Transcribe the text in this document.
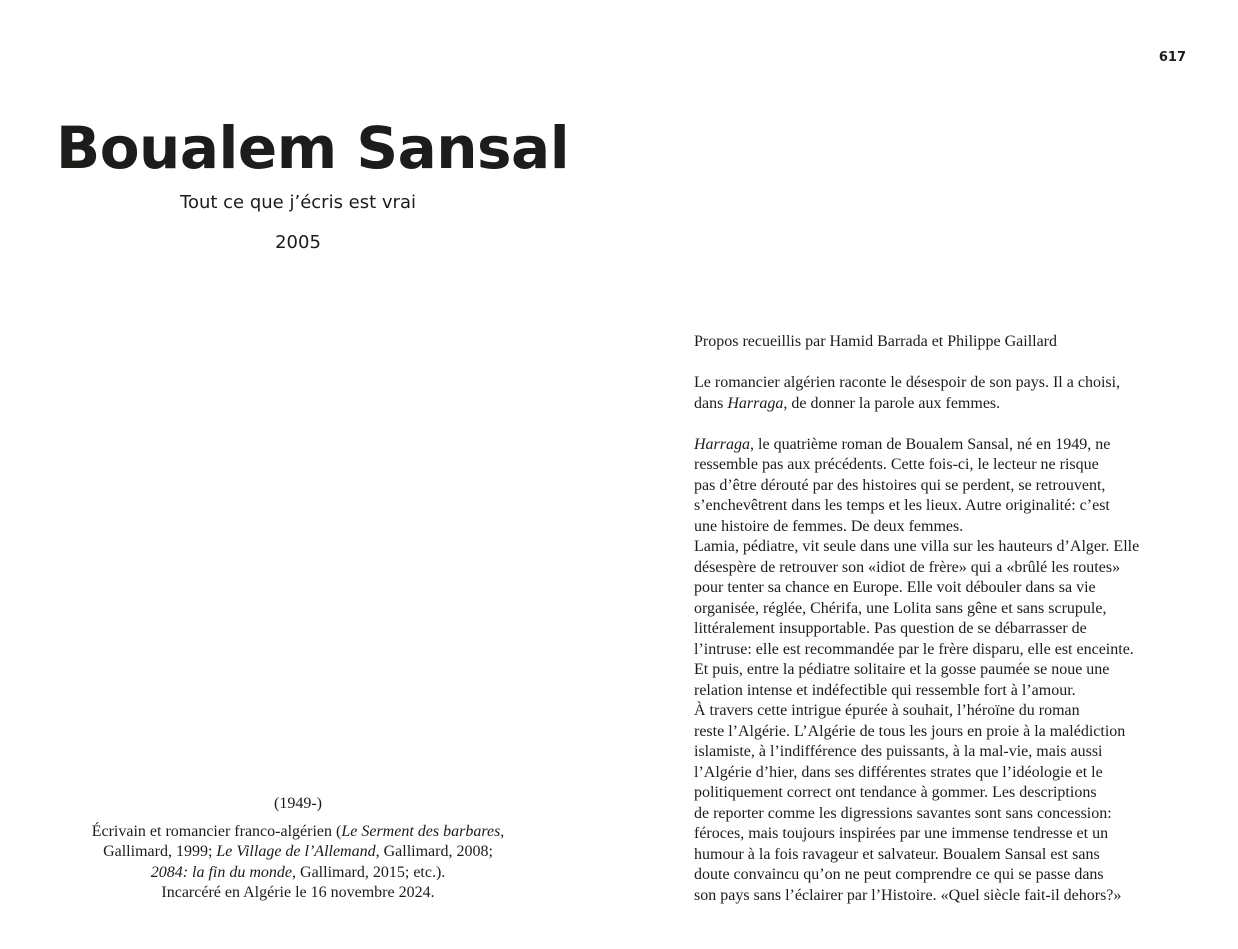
617
Boualem Sansal
Tout ce que j’écris est vrai
2005

(1949-)

Écrivain et romancier franco-algérien (Le Serment des barbares,

Gallimard, 1999; Le Village de l’Allemand, Gallimard, 2008;

2084: la fin du monde, Gallimard, 2015; etc.).

Incarcéré en Algérie le 16 novembre 2024.

Propos recueillis par Hamid Barrada et Philippe Gaillard

Le romancier algérien raconte le désespoir de son pays. Il a choisi,
dans Harraga, de donner la parole aux femmes.

Harraga, le quatrième roman de Boualem Sansal, né en 1949, ne
ressemble pas aux précédents. Cette fois-ci, le lecteur ne risque
pas d’être dérouté par des histoires qui se perdent, se retrouvent,
s’enchevêtrent dans les temps et les lieux. Autre originalité: c’est
une histoire de femmes. De deux femmes.

Lamia, pédiatre, vit seule dans une villa sur les hauteurs d’Alger. Elle
désespère de retrouver son «idiot de frère» qui a «brûlé les routes»
pour tenter sa chance en Europe. Elle voit débouler dans sa vie
organisée, réglée, Chérifa, une Lolita sans gêne et sans scrupule,
littéralement insupportable. Pas question de se débarrasser de
l’intruse: elle est recommandée par le frère disparu, elle est enceinte.
Et puis, entre la pédiatre solitaire et la gosse paumée se noue une
relation intense et indéfectible qui ressemble fort à l’amour.

À travers cette intrigue épurée à souhait, l’héroïne du roman
reste l’Algérie. L’Algérie de tous les jours en proie à la malédiction
islamiste, à l’indifférence des puissants, à la mal-vie, mais aussi
l’Algérie d’hier, dans ses différentes strates que l’idéologie et le
politiquement correct ont tendance à gommer. Les descriptions
de reporter comme les digressions savantes sont sans concession:
féroces, mais toujours inspirées par une immense tendresse et un
humour à la fois ravageur et salvateur. Boualem Sansal est sans
doute convaincu qu’on ne peut comprendre ce qui se passe dans
son pays sans l’éclairer par l’Histoire. «Quel siècle fait-il dehors?»
